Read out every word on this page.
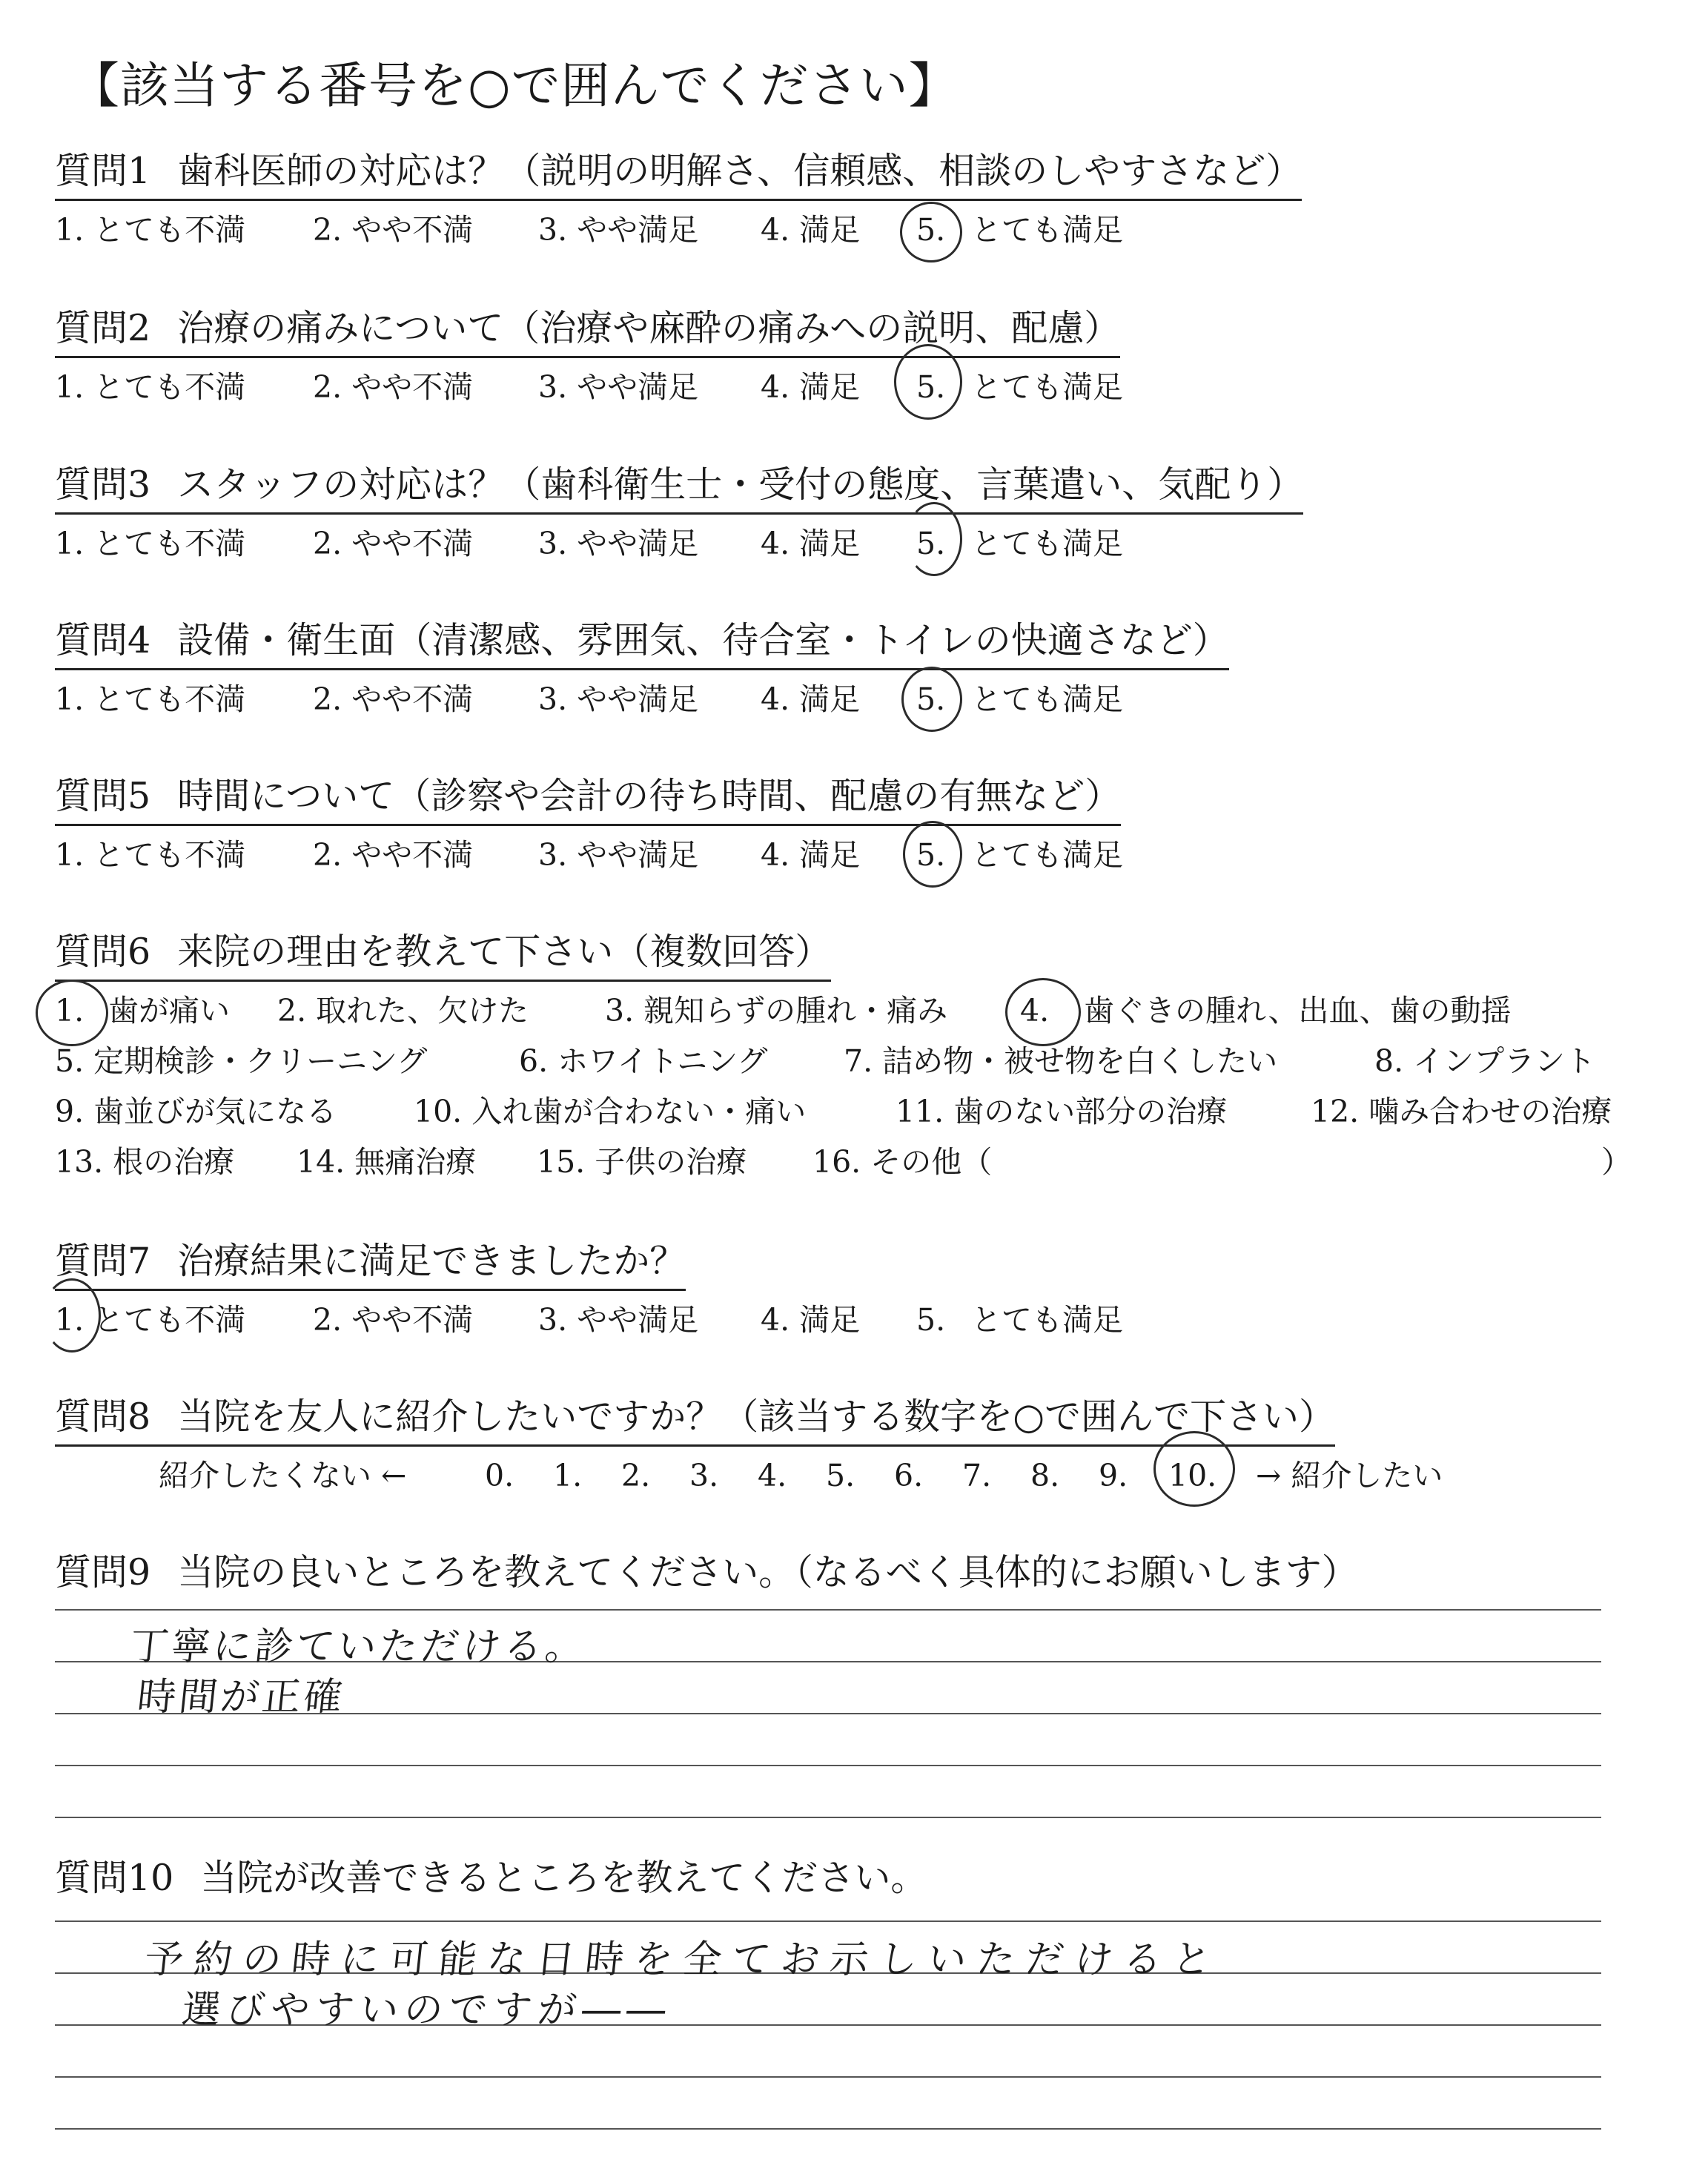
【該当する番号を○で囲んでください】
質問1 歯科医師の対応は？（説明の明解さ、信頼感、相談のしやすさなど）
1. とても不満 2. やや不満 3. やや満足 4. 満足 5. とても満足
質問2 治療の痛みについて（治療や麻酔の痛みへの説明、配慮）
1. とても不満 2. やや不満 3. やや満足 4. 満足 5. とても満足
質問3 スタッフの対応は？（歯科衛生士・受付の態度、言葉遣い、気配り）
1. とても不満 2. やや不満 3. やや満足 4. 満足 5. とても満足
質問4 設備・衛生面（清潔感、雰囲気、待合室・トイレの快適さなど）
1. とても不満 2. やや不満 3. やや満足 4. 満足 5. とても満足
質問5 時間について（診察や会計の待ち時間、配慮の有無など）
1. とても不満 2. やや不満 3. やや満足 4. 満足 5. とても満足
質問6 来院の理由を教えて下さい（複数回答）
1. 歯が痛い 2. 取れた、欠けた	3. 親知らずの腫れ・痛み 4. 歯ぐきの腫れ、出血、歯の動揺
5. 定期検診・クリーニング	6. ホワイトニング	7. 詰め物・被せ物を白くしたい	8. インプラント
9. 歯並びが気になる	10. 入れ歯が合わない・痛い	11. 歯のない部分の治療	12. 噛み合わせの治療
13. 根の治療 14. 無痛治療 15. 子供の治療 16. その他（	）
質問7 治療結果に満足できましたか？
1. とても不満 2. やや不満 3. やや満足 4. 満足 5. とても満足
質問8 当院を友人に紹介したいですか？（該当する数字を○で囲んで下さい）
紹介したくない ←	0. 1. 2. 3. 4. 5. 6. 7. 8. 9. 10. → 紹介したい
質問9 当院の良いところを教えてください。（なるべく具体的にお願いします）
丁寧に診ていただける。
時間が正確
質問10 当院が改善できるところを教えてください。
予約の時に可能な日時を全てお示しいただけると
選びやすいのですが――
